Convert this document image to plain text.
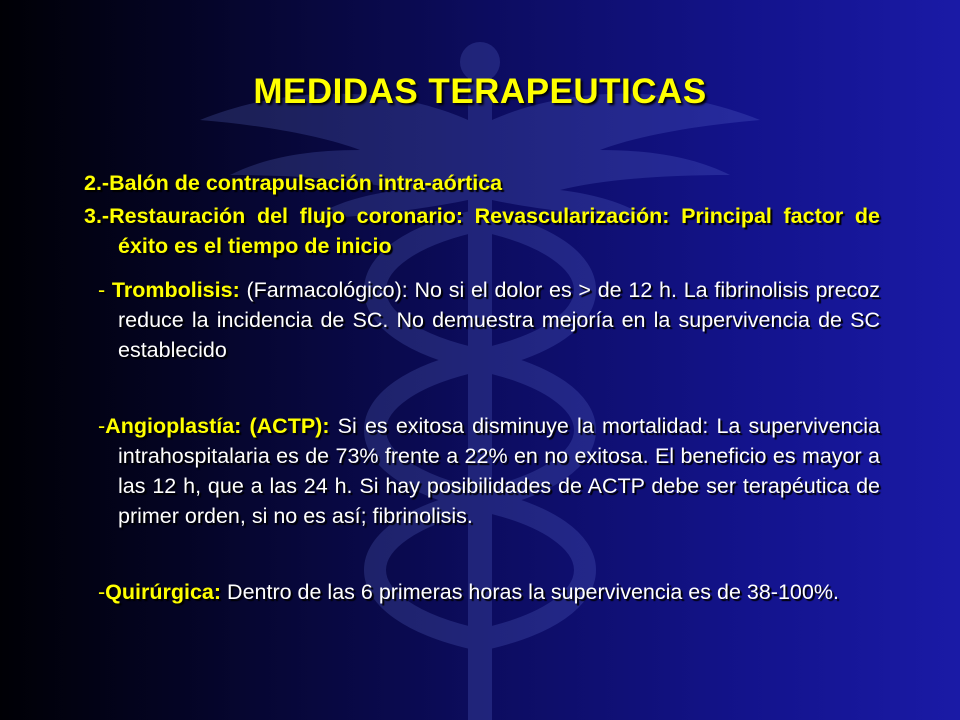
MEDIDAS TERAPEUTICAS

2.-Balón de contrapulsación intra-aórtica

3.-Restauración del flujo coronario: Revascularización: Principal factor de éxito es el tiempo de inicio

- Trombolisis: (Farmacológico): No si el dolor es > de 12 h. La fibrinolisis precoz reduce la incidencia de SC. No demuestra mejoría en la supervivencia de SC establecido

-Angioplastía: (ACTP): Si es exitosa disminuye la mortalidad: La supervivencia intrahospitalaria es de 73% frente a 22% en no exitosa. El beneficio es mayor a las 12 h, que a las 24 h. Si hay posibilidades de ACTP debe ser terapéutica de primer orden, si no es así; fibrinolisis.

-Quirúrgica: Dentro de las 6 primeras horas la supervivencia es de 38-100%.
